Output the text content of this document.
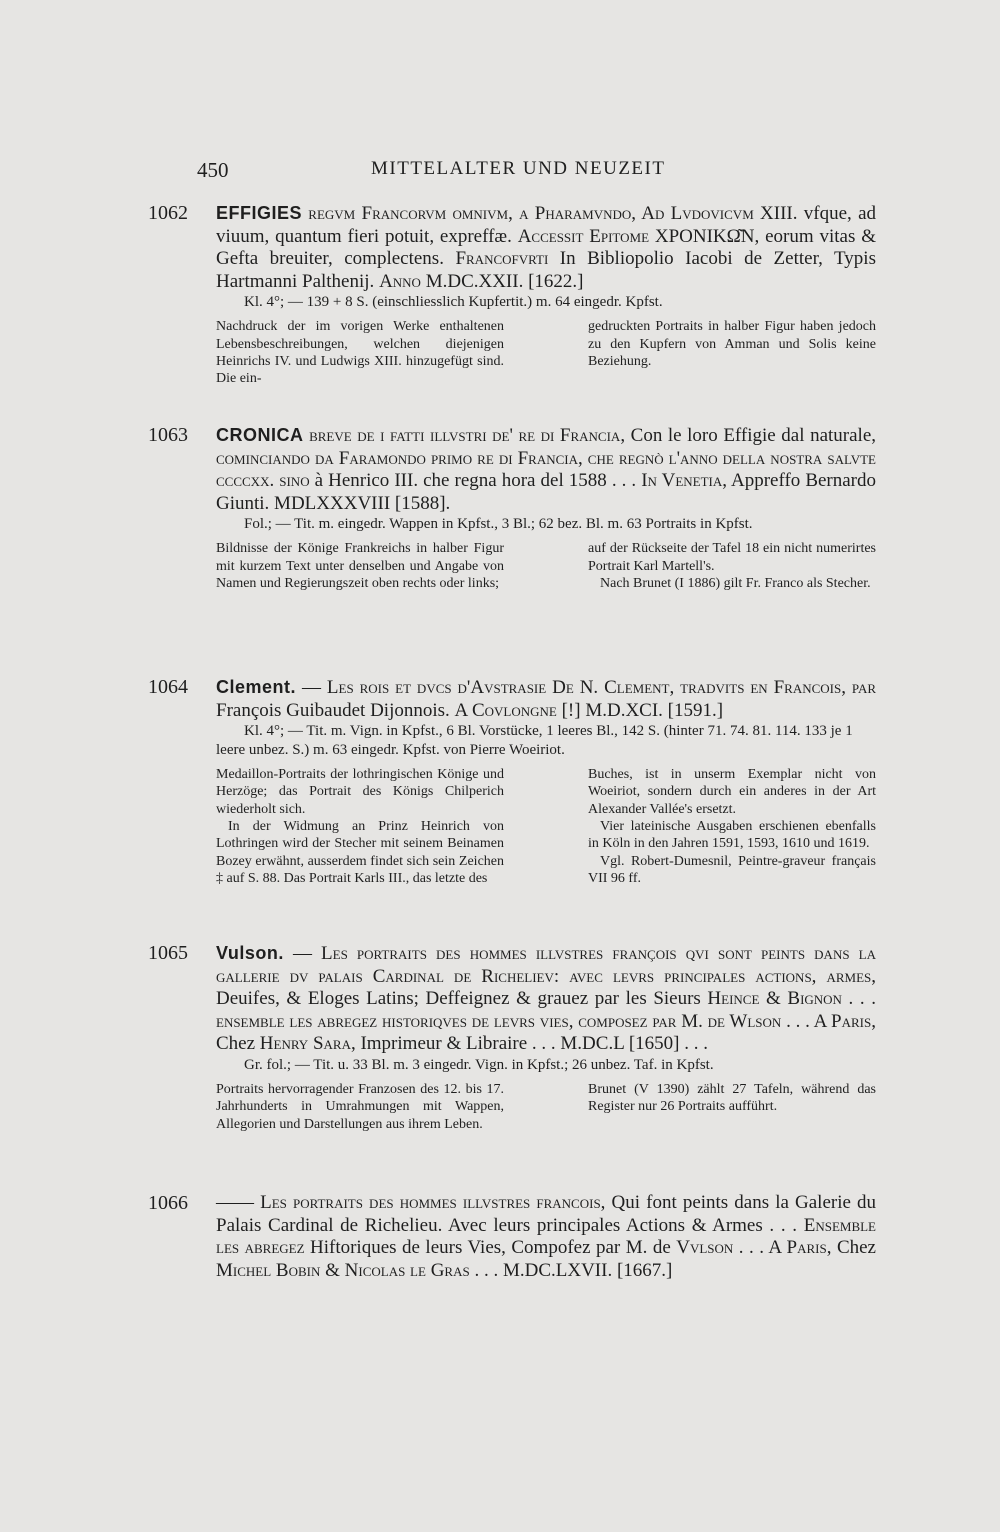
450	MITTELALTER UND NEUZEIT
1062 EFFIGIES regvm Francorvm omnivm, a Pharamvndo, Ad Lvdovicvm XIII. vfque, ad viuum, quantum fieri potuit, expreffæ. Accessit Epitome XPONIKΩ͂N, eorum vitas & Gefta breuiter, complectens. Francofvrti In Bibliopolio Iacobi de Zetter, Typis Hartmanni Palthenij. Anno M.DC.XXII. [1622.]
Kl. 4°; — 139 + 8 S. (einschliesslich Kupfertit.) m. 64 eingedr. Kpfst.

Nachdruck der im vorigen Werke enthaltenen Lebensbeschreibungen, welchen diejenigen Heinrichs IV. und Ludwigs XIII. hinzugefügt sind. Die ein-

gedruckten Portraits in halber Figur haben jedoch zu den Kupfern von Amman und Solis keine Beziehung.

1063 CRONICA breve de i fatti illvstri de' re di Francia, Con le loro Effigie dal naturale, cominciando da Faramondo primo re di Francia, che regnò l'anno della nostra salvte ccccxx. sino à Henrico III. che regna hora del 1588 . . . In Venetia, Appreffo Bernardo Giunti. MDLXXXVIII [1588].
Fol.; — Tit. m. eingedr. Wappen in Kpfst., 3 Bl.; 62 bez. Bl. m. 63 Portraits in Kpfst.

Bildnisse der Könige Frankreichs in halber Figur mit kurzem Text unter denselben und Angabe von Namen und Regierungszeit oben rechts oder links;

auf der Rückseite der Tafel 18 ein nicht numerirtes Portrait Karl Martell's.

Nach Brunet (I 1886) gilt Fr. Franco als Stecher.

1064 Clement. — Les rois et dvcs d'Avstrasie De N. Clement, tradvits en Francois, par François Guibaudet Dijonnois. A Covlongne [!] M.D.XCI. [1591.]
Kl. 4°; — Tit. m. Vign. in Kpfst., 6 Bl. Vorstücke, 1 leeres Bl., 142 S. (hinter 71. 74. 81. 114. 133 je 1 leere unbez. S.) m. 63 eingedr. Kpfst. von Pierre Woeiriot.

Medaillon-Portraits der lothringischen Könige und Herzöge; das Portrait des Königs Chilperich wiederholt sich.

In der Widmung an Prinz Heinrich von Lothringen wird der Stecher mit seinem Beinamen Bozey erwähnt, ausserdem findet sich sein Zeichen ‡ auf S. 88. Das Portrait Karls III., das letzte des

Buches, ist in unserm Exemplar nicht von Woeiriot, sondern durch ein anderes in der Art Alexander Vallée's ersetzt.

Vier lateinische Ausgaben erschienen ebenfalls in Köln in den Jahren 1591, 1593, 1610 und 1619.

Vgl. Robert-Dumesnil, Peintre-graveur français VII 96 ff.

1065 Vulson. — Les portraits des hommes illvstres françois qvi sont peints dans la gallerie dv palais Cardinal de Richeliev: avec levrs principales actions, armes, Deuifes, & Eloges Latins; Deffeignez & grauez par les Sieurs Heince & Bignon . . . ensemble les abregez historiqves de levrs vies, composez par M. de Wlson . . . A Paris, Chez Henry Sara, Imprimeur & Libraire . . . M.DC.L [1650] . . .
Gr. fol.; — Tit. u. 33 Bl. m. 3 eingedr. Vign. in Kpfst.; 26 unbez. Taf. in Kpfst.

Portraits hervorragender Franzosen des 12. bis 17. Jahrhunderts in Umrahmungen mit Wappen, Allegorien und Darstellungen aus ihrem Leben.

Brunet (V 1390) zählt 27 Tafeln, während das Register nur 26 Portraits aufführt.

1066 —— Les portraits des hommes illvstres francois, Qui font peints dans la Galerie du Palais Cardinal de Richelieu. Avec leurs principales Actions & Armes . . . Ensemble les abregez Hiftoriques de leurs Vies, Compofez par M. de Vvlson . . . A Paris, Chez Michel Bobin & Nicolas le Gras . . . M.DC.LXVII. [1667.]
